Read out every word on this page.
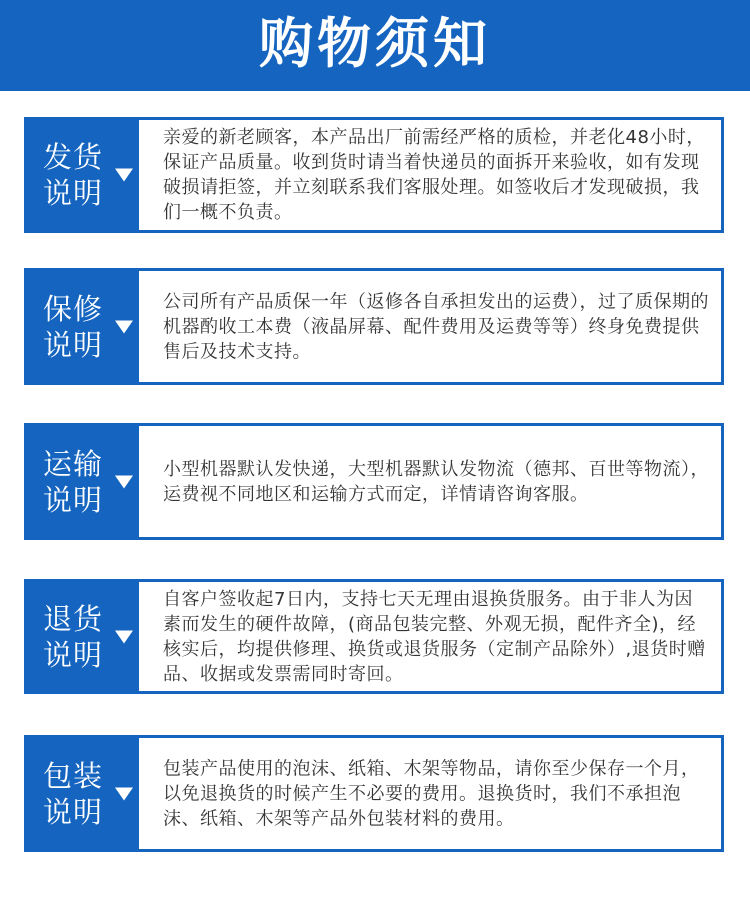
购物须知
发货说明
亲爱的新老顾客，本产品出厂前需经严格的质检，并老化48小时，保证产品质量。收到货时请当着快递员的面拆开来验收，如有发现破损请拒签，并立刻联系我们客服处理。如签收后才发现破损，我们一概不负责。
保修说明
公司所有产品质保一年（返修各自承担发出的运费），过了质保期的机器酌收工本费（液晶屏幕、配件费用及运费等等）终身免费提供售后及技术支持。
运输说明
小型机器默认发快递，大型机器默认发物流（德邦、百世等物流），运费视不同地区和运输方式而定，详情请咨询客服。
退货说明
自客户签收起7日内，支持七天无理由退换货服务。由于非人为因素而发生的硬件故障，(商品包装完整、外观无损，配件齐全)，经核实后，均提供修理、换货或退货服务（定制产品除外）,退货时赠品、收据或发票需同时寄回。
包装说明
包装产品使用的泡沫、纸箱、木架等物品，请你至少保存一个月，以免退换货的时候产生不必要的费用。退换货时，我们不承担泡沫、纸箱、木架等产品外包装材料的费用。
